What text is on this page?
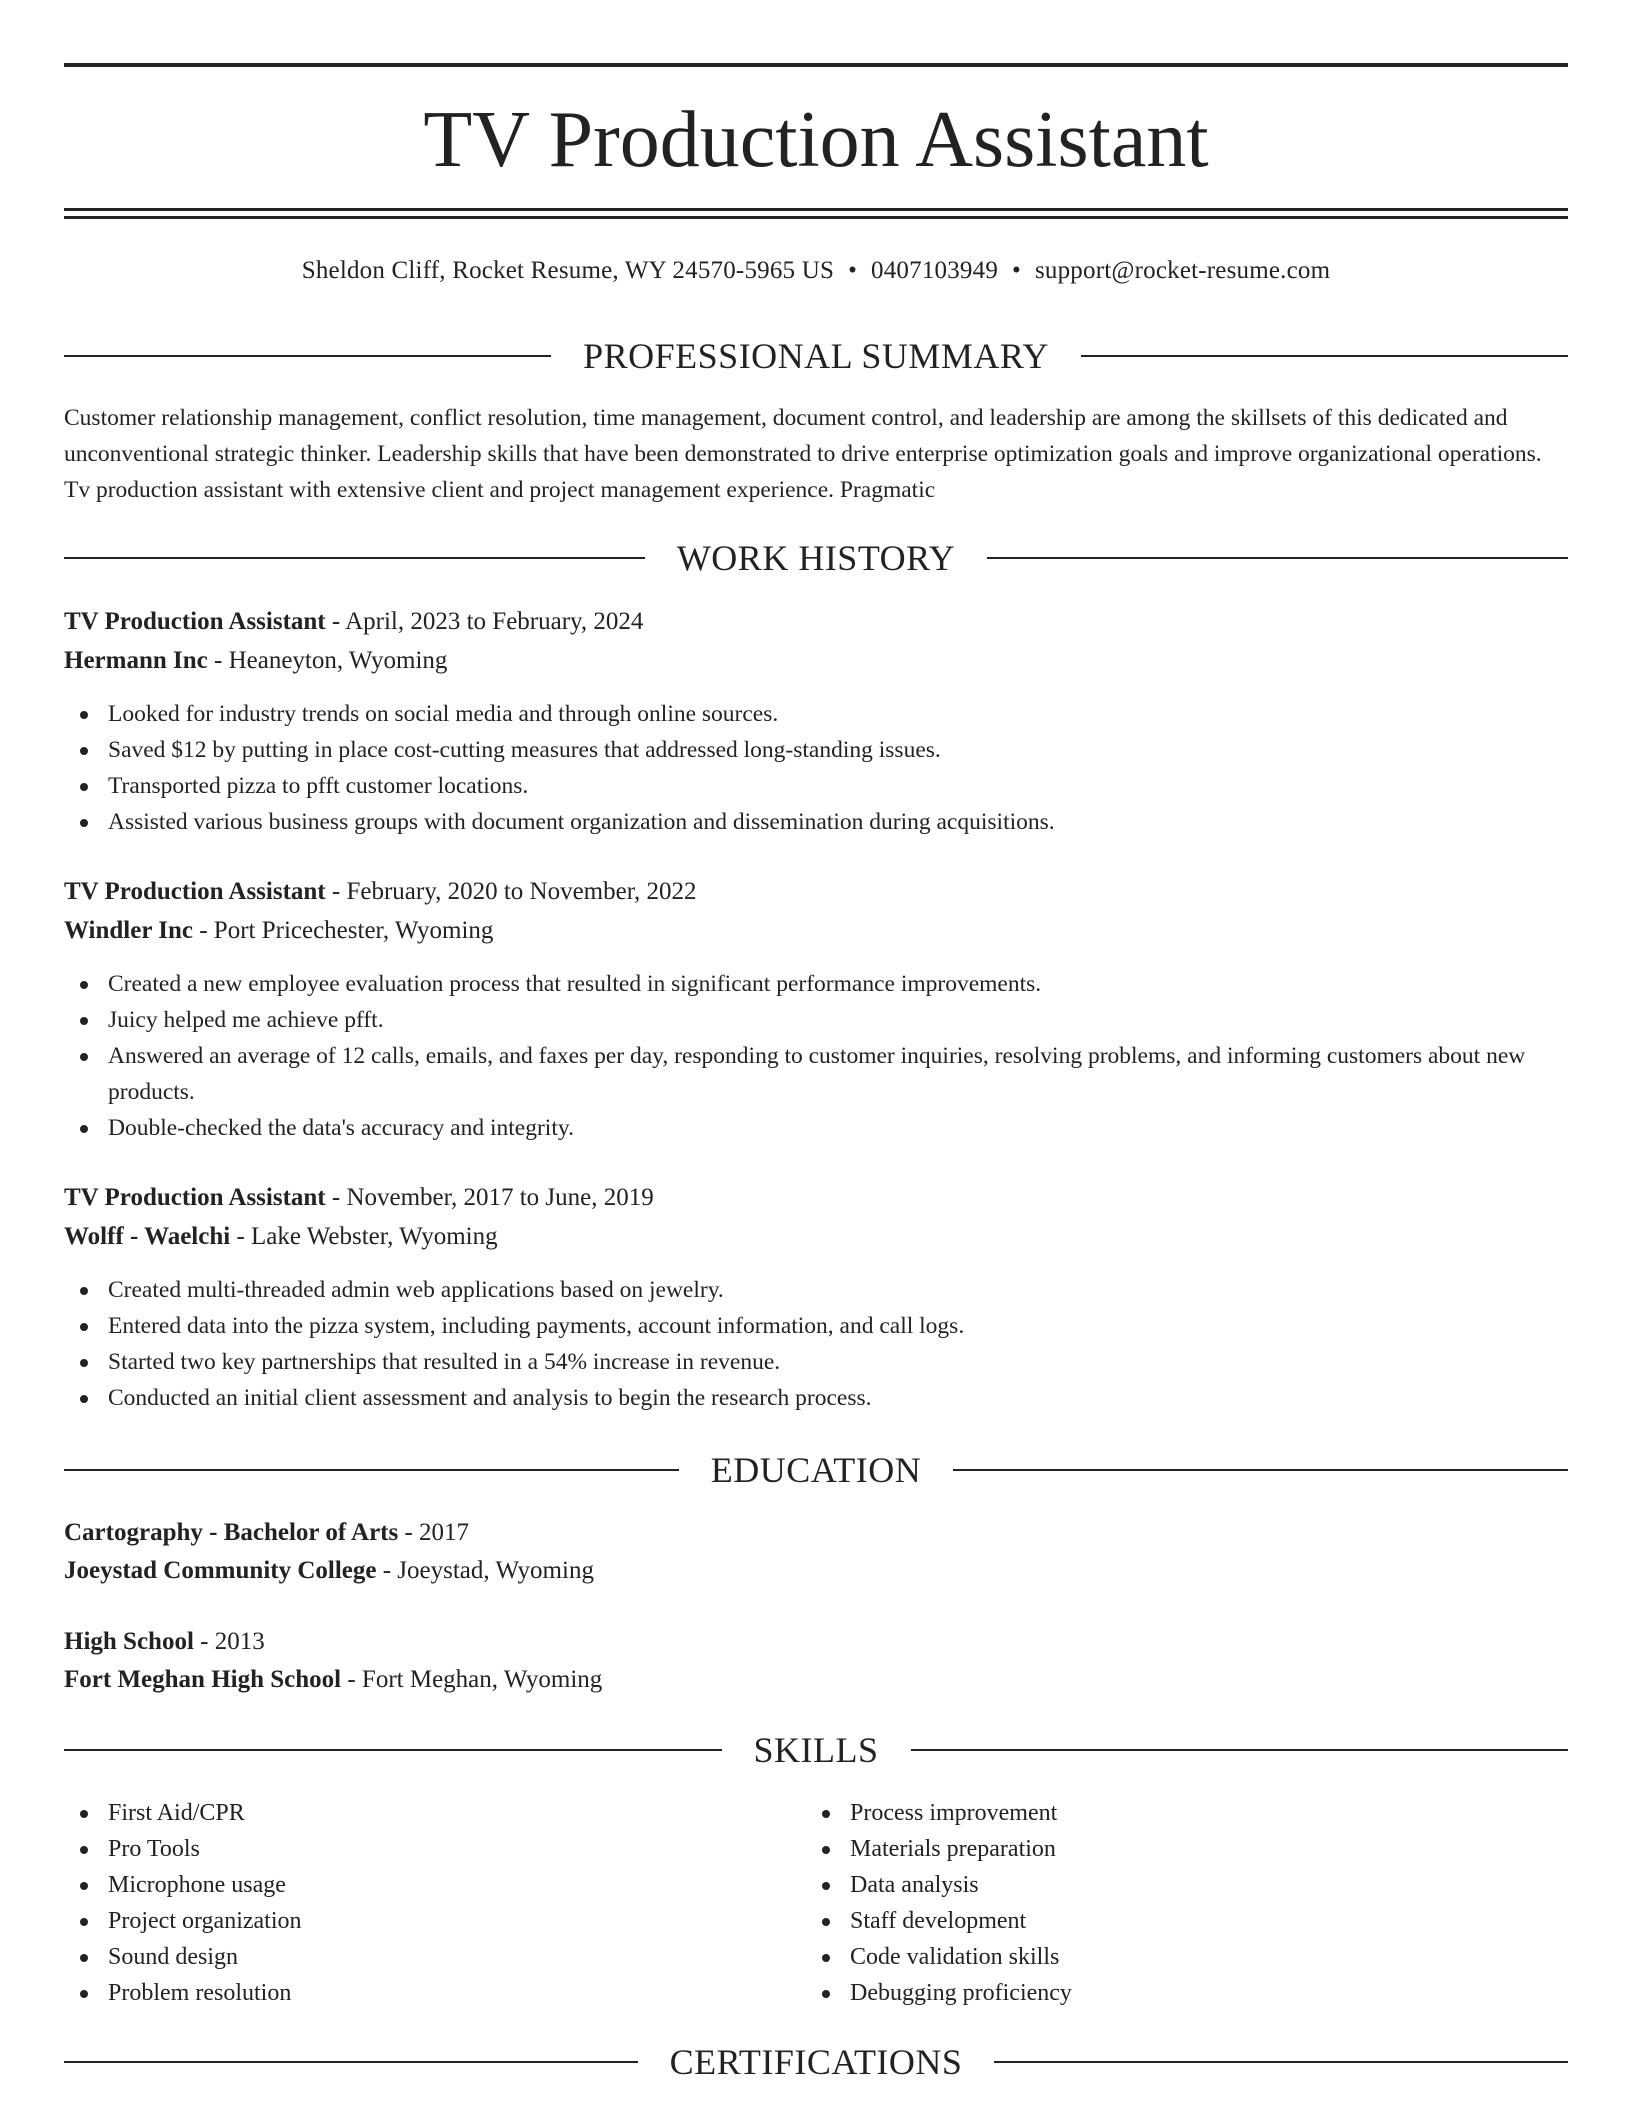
TV Production Assistant
Sheldon Cliff, Rocket Resume, WY 24570-5965 US • 0407103949 • support@rocket-resume.com
PROFESSIONAL SUMMARY

Customer relationship management, conflict resolution, time management, document control, and leadership are among the skillsets of this dedicated and unconventional strategic thinker. Leadership skills that have been demonstrated to drive enterprise optimization goals and improve organizational operations. Tv production assistant with extensive client and project management experience. Pragmatic

WORK HISTORY

TV Production Assistant - April, 2023 to February, 2024

Hermann Inc - Heaneyton, Wyoming

Looked for industry trends on social media and through online sources.
Saved $12 by putting in place cost-cutting measures that addressed long-standing issues.
Transported pizza to pfft customer locations.
Assisted various business groups with document organization and dissemination during acquisitions.

TV Production Assistant - February, 2020 to November, 2022

Windler Inc - Port Pricechester, Wyoming

Created a new employee evaluation process that resulted in significant performance improvements.
Juicy helped me achieve pfft.
Answered an average of 12 calls, emails, and faxes per day, responding to customer inquiries, resolving problems, and informing customers about new products.
Double-checked the data's accuracy and integrity.

TV Production Assistant - November, 2017 to June, 2019

Wolff - Waelchi - Lake Webster, Wyoming

Created multi-threaded admin web applications based on jewelry.
Entered data into the pizza system, including payments, account information, and call logs.
Started two key partnerships that resulted in a 54% increase in revenue.
Conducted an initial client assessment and analysis to begin the research process.
EDUCATION

Cartography - Bachelor of Arts - 2017

Joeystad Community College - Joeystad, Wyoming

High School - 2013

Fort Meghan High School - Fort Meghan, Wyoming

SKILLS
First Aid/CPR
Pro Tools
Microphone usage
Project organization
Sound design
Problem resolution
Process improvement
Materials preparation
Data analysis
Staff development
Code validation skills
Debugging proficiency
CERTIFICATIONS
